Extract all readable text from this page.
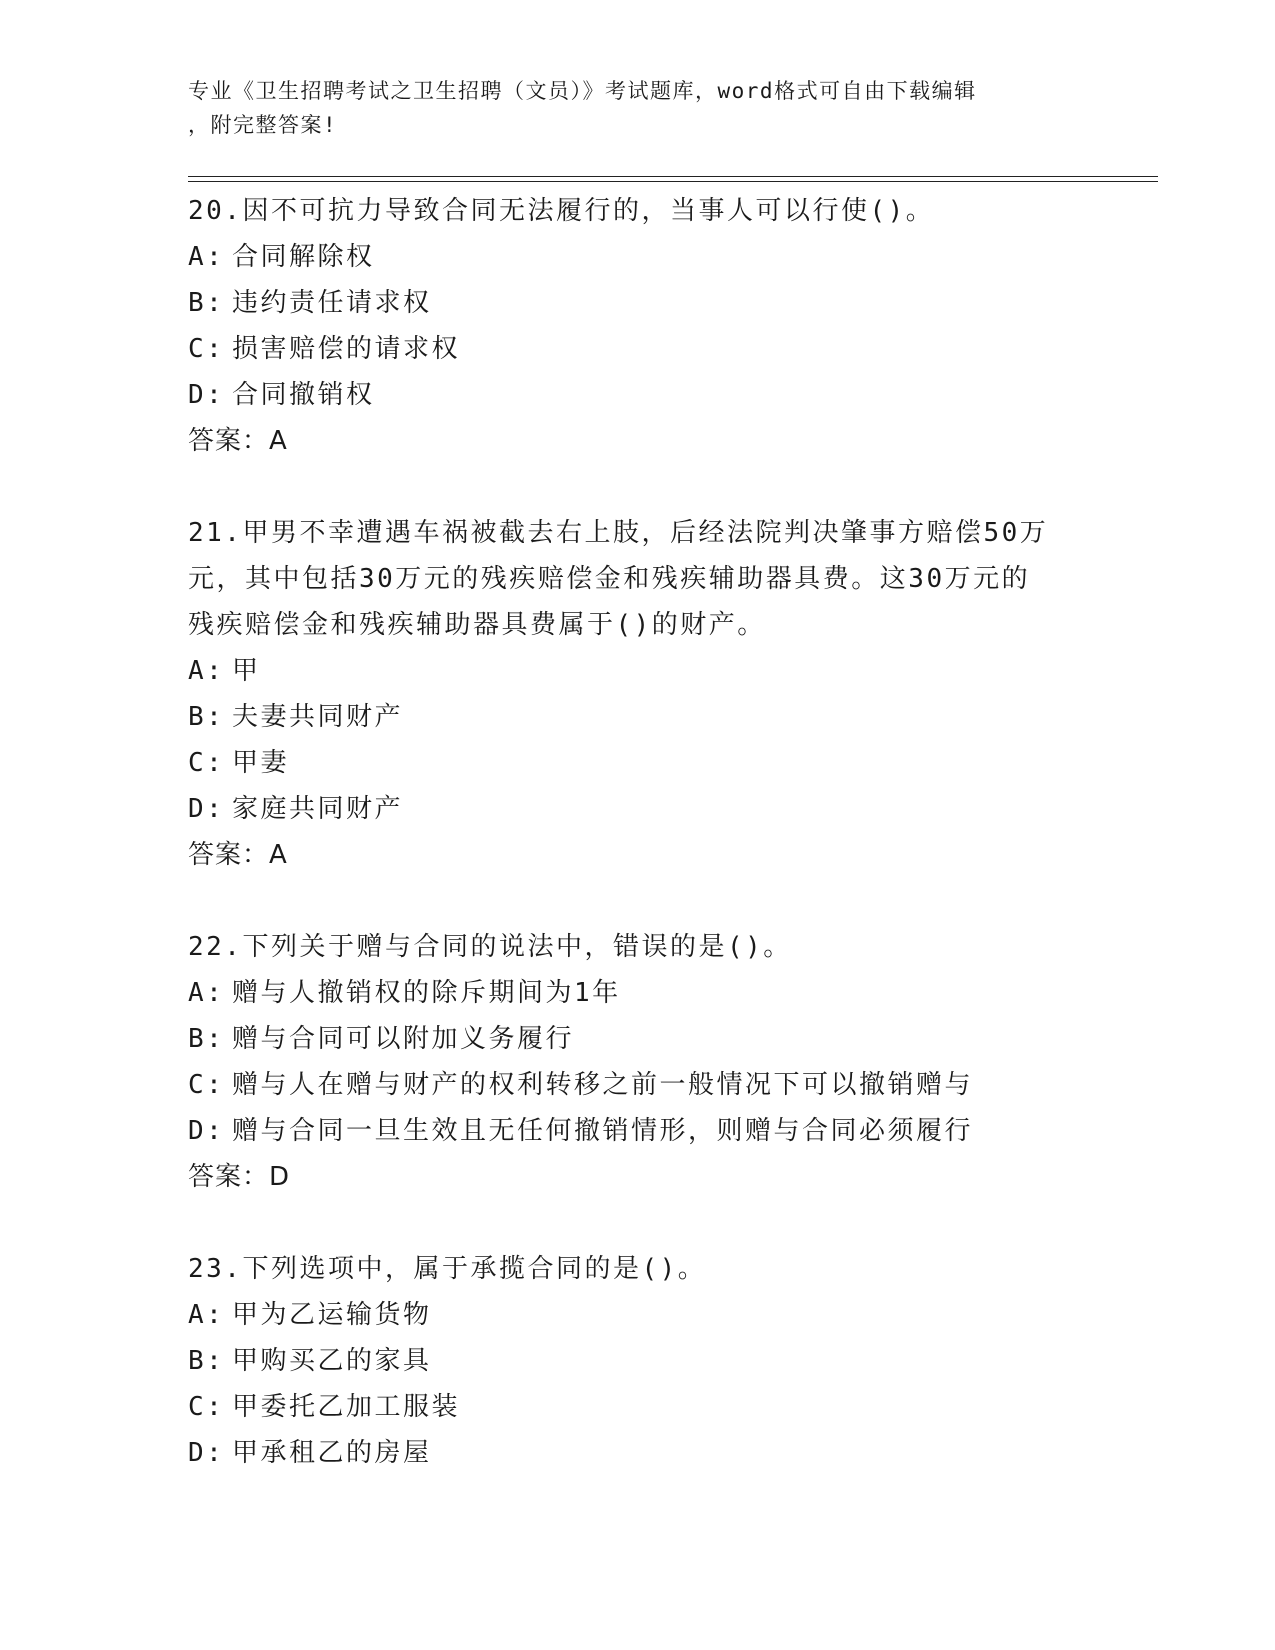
专业《卫生招聘考试之卫生招聘（文员）》考试题库，word格式可自由下载编辑
，附完整答案!
20.因不可抗力导致合同无法履行的，当事人可以行使()。
A: 合同解除权
B: 违约责任请求权
C: 损害赔偿的请求权
D: 合同撤销权
答案：A
21.甲男不幸遭遇车祸被截去右上肢，后经法院判决肇事方赔偿50万
元，其中包括30万元的残疾赔偿金和残疾辅助器具费。这30万元的
残疾赔偿金和残疾辅助器具费属于()的财产。
A: 甲
B: 夫妻共同财产
C: 甲妻
D: 家庭共同财产
答案：A
22.下列关于赠与合同的说法中，错误的是()。
A: 赠与人撤销权的除斥期间为1年
B: 赠与合同可以附加义务履行
C: 赠与人在赠与财产的权利转移之前一般情况下可以撤销赠与
D: 赠与合同一旦生效且无任何撤销情形，则赠与合同必须履行
答案：D
23.下列选项中，属于承揽合同的是()。
A: 甲为乙运输货物
B: 甲购买乙的家具
C: 甲委托乙加工服装
D: 甲承租乙的房屋
